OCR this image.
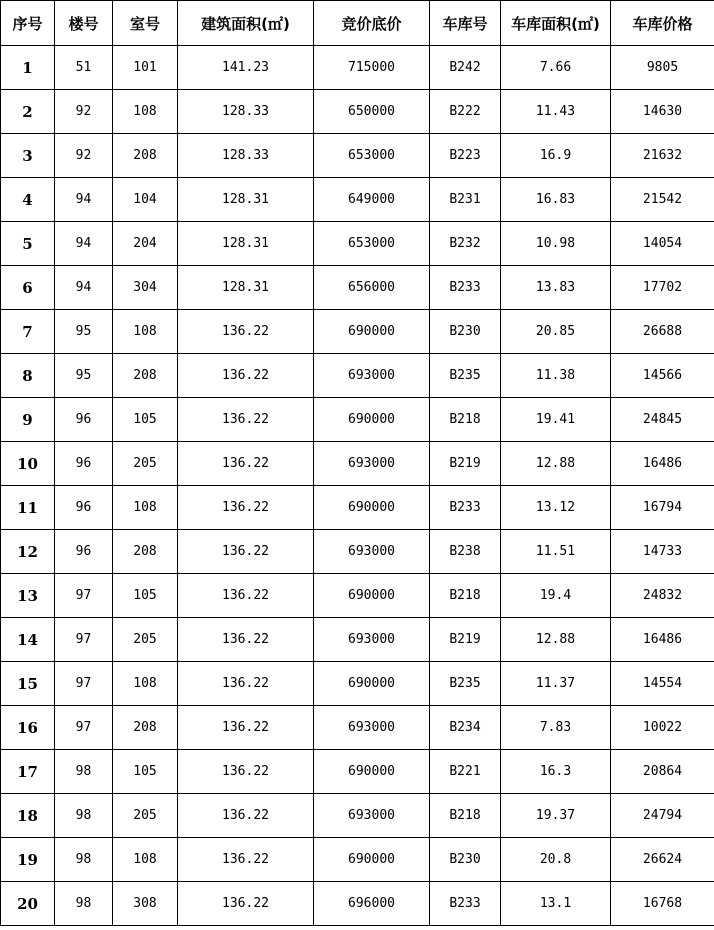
序号	楼号	室号	建筑面积(㎡)	竞价底价	车库号	车库面积(㎡)	车库价格
1	51	101	141.23	715000	B242	7.66	9805
2	92	108	128.33	650000	B222	11.43	14630
3	92	208	128.33	653000	B223	16.9	21632
4	94	104	128.31	649000	B231	16.83	21542
5	94	204	128.31	653000	B232	10.98	14054
6	94	304	128.31	656000	B233	13.83	17702
7	95	108	136.22	690000	B230	20.85	26688
8	95	208	136.22	693000	B235	11.38	14566
9	96	105	136.22	690000	B218	19.41	24845
10	96	205	136.22	693000	B219	12.88	16486
11	96	108	136.22	690000	B233	13.12	16794
12	96	208	136.22	693000	B238	11.51	14733
13	97	105	136.22	690000	B218	19.4	24832
14	97	205	136.22	693000	B219	12.88	16486
15	97	108	136.22	690000	B235	11.37	14554
16	97	208	136.22	693000	B234	7.83	10022
17	98	105	136.22	690000	B221	16.3	20864
18	98	205	136.22	693000	B218	19.37	24794
19	98	108	136.22	690000	B230	20.8	26624
20	98	308	136.22	696000	B233	13.1	16768
